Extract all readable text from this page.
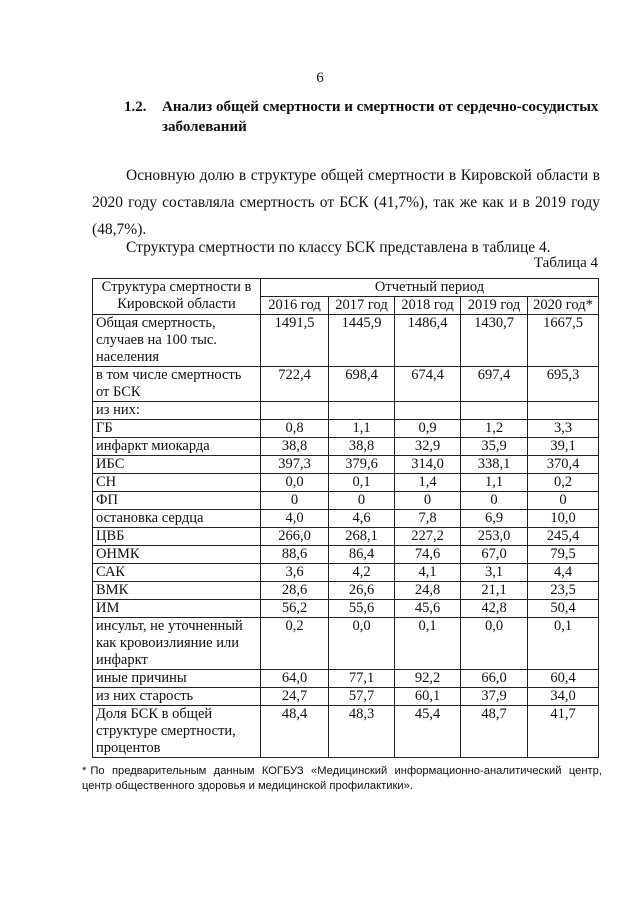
6
1.2. Анализ общей смертности и смертности от сердечно-сосудистых заболеваний

Основную долю в структуре общей смертности в Кировской области в 2020 году составляла смертность от БСК (41,7%), так же как и в 2019 году (48,7%).

Структура смертности по классу БСК представлена в таблице 4.

Таблица 4
Структура смертности в Кировской области	Отчетный период				
	2016 год	2017 год	2018 год	2019 год	2020 год*
Общая смертность, случаев на 100 тыс. населения	1491,5	1445,9	1486,4	1430,7	1667,5
в том числе смертность от БСК	722,4	698,4	674,4	697,4	695,3
из них:					
ГБ	0,8	1,1	0,9	1,2	3,3
инфаркт миокарда	38,8	38,8	32,9	35,9	39,1
ИБС	397,3	379,6	314,0	338,1	370,4
СН	0,0	0,1	1,4	1,1	0,2
ФП	0	0	0	0	0
остановка сердца	4,0	4,6	7,8	6,9	10,0
ЦВБ	266,0	268,1	227,2	253,0	245,4
ОНМК	88,6	86,4	74,6	67,0	79,5
САК	3,6	4,2	4,1	3,1	4,4
ВМК	28,6	26,6	24,8	21,1	23,5
ИМ	56,2	55,6	45,6	42,8	50,4
инсульт, не уточненный как кровоизлияние или инфаркт	0,2	0,0	0,1	0,0	0,1
иные причины	64,0	77,1	92,2	66,0	60,4
из них старость	24,7	57,7	60,1	37,9	34,0
Доля БСК в общей структуре смертности, процентов	48,4	48,3	45,4	48,7	41,7
* По предварительным данным КОГБУЗ «Медицинский информационно-аналитический центр, центр общественного здоровья и медицинской профилактики».
